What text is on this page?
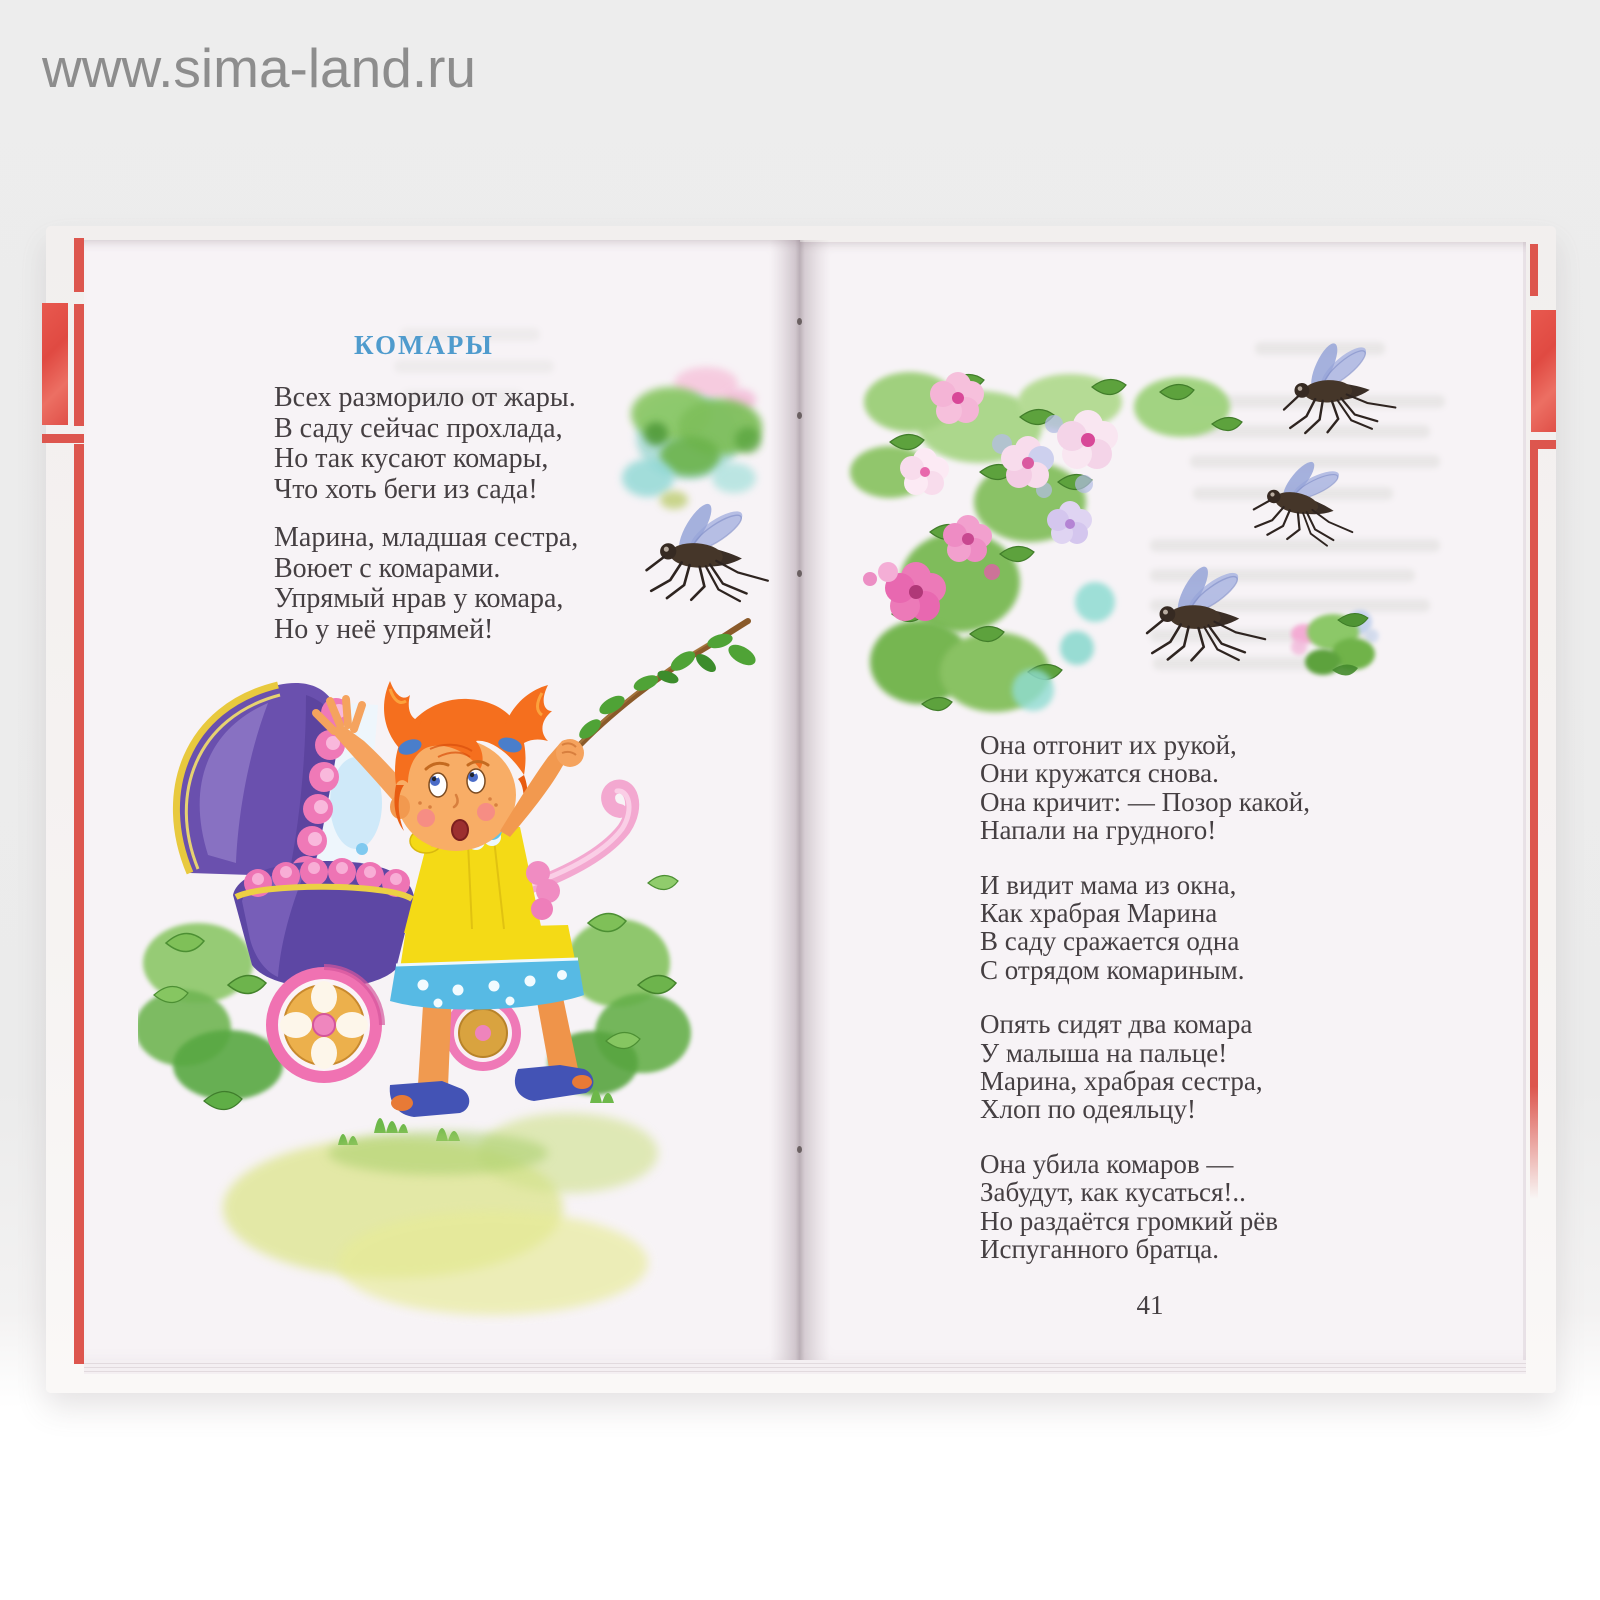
www.sima-land.ru
КОМАРЫ
Всех разморило от жары.
В саду сейчас прохлада,
Но так кусают комары,
Что хоть беги из сада!
Марина, младшая сестра,
Воюет с комарами.
Упрямый нрав у комара,
Но у неё упрямей!
Она отгонит их рукой,
Они кружатся снова.
Она кричит: — Позор какой,
Напали на грудного!
И видит мама из окна,
Как храбрая Марина
В саду сражается одна
С отрядом комариным.
Опять сидят два комара
У малыша на пальце!
Марина, храбрая сестра,
Хлоп по одеяльцу!
Она убила комаров —
Забудут, как кусаться!..
Но раздаётся громкий рёв
Испуганного братца.
41
